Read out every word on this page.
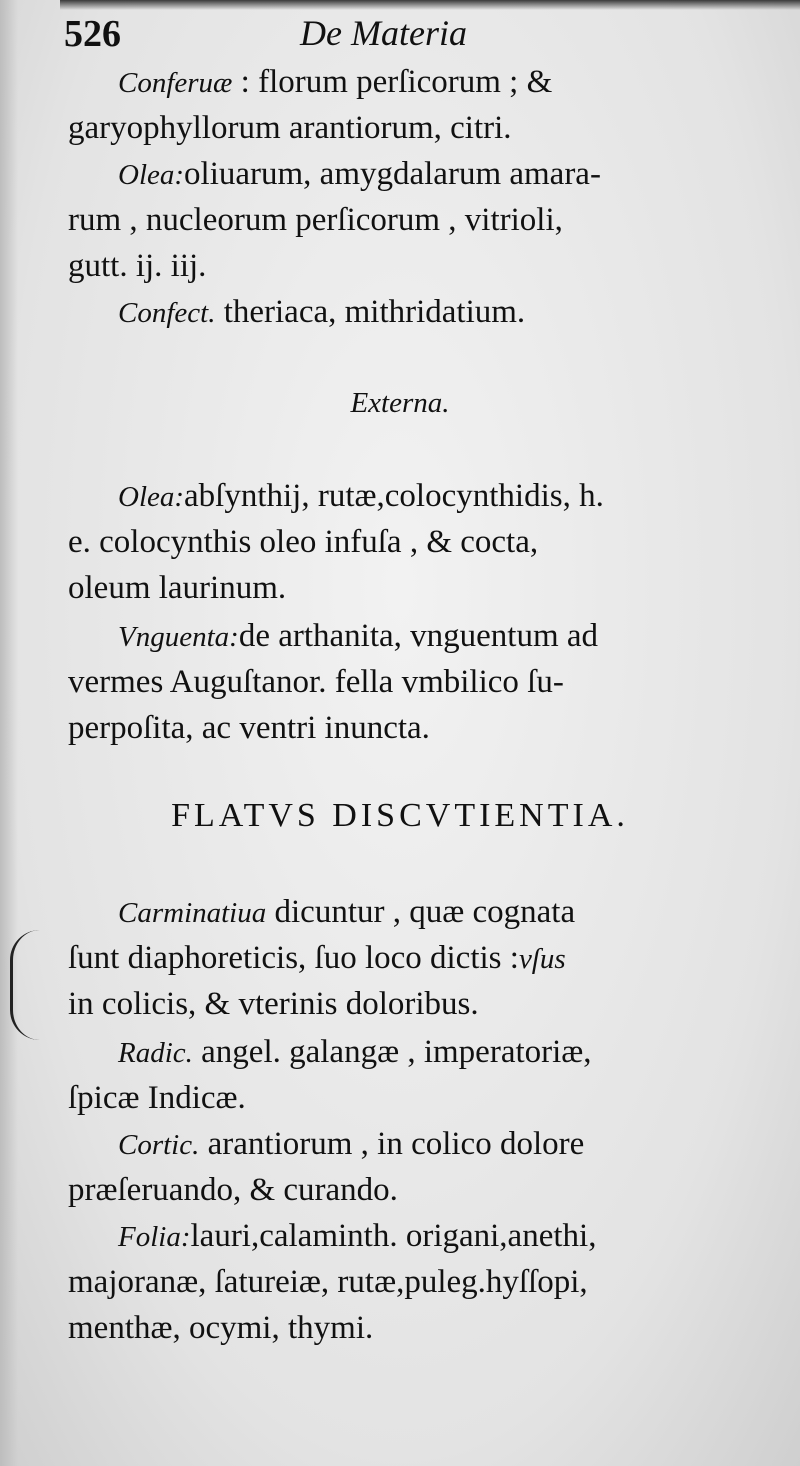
526	De Materia
Conferuæ : florum perſicorum ; &
garyophyllorum arantiorum, citri.
Olea:oliuarum, amygdalarum amara-
rum , nucleorum perſicorum , vitrioli,
gutt. ij. iij.
Confect. theriaca, mithridatium.
Externa.
Olea:abſynthij, rutæ,colocynthidis, h.
e. colocynthis oleo infuſa , & cocta,
oleum laurinum.
Vnguenta:de arthanita, vnguentum ad
vermes Auguſtanor. fella vmbilico ſu-
perpoſita, ac ventri inuncta.
FLATVS DISCVTIENTIA.
Carminatiua dicuntur , quæ cognata
ſunt diaphoreticis, ſuo loco dictis :vſus
in colicis, & vterinis doloribus.
Radic. angel. galangæ , imperatoriæ,
ſpicæ Indicæ.
Cortic. arantiorum , in colico dolore
præſeruando, & curando.
Folia:lauri,calaminth. origani,anethi,
majoranæ, ſatureiæ, rutæ,puleg.hyſſopi,
menthæ, ocymi, thymi.
